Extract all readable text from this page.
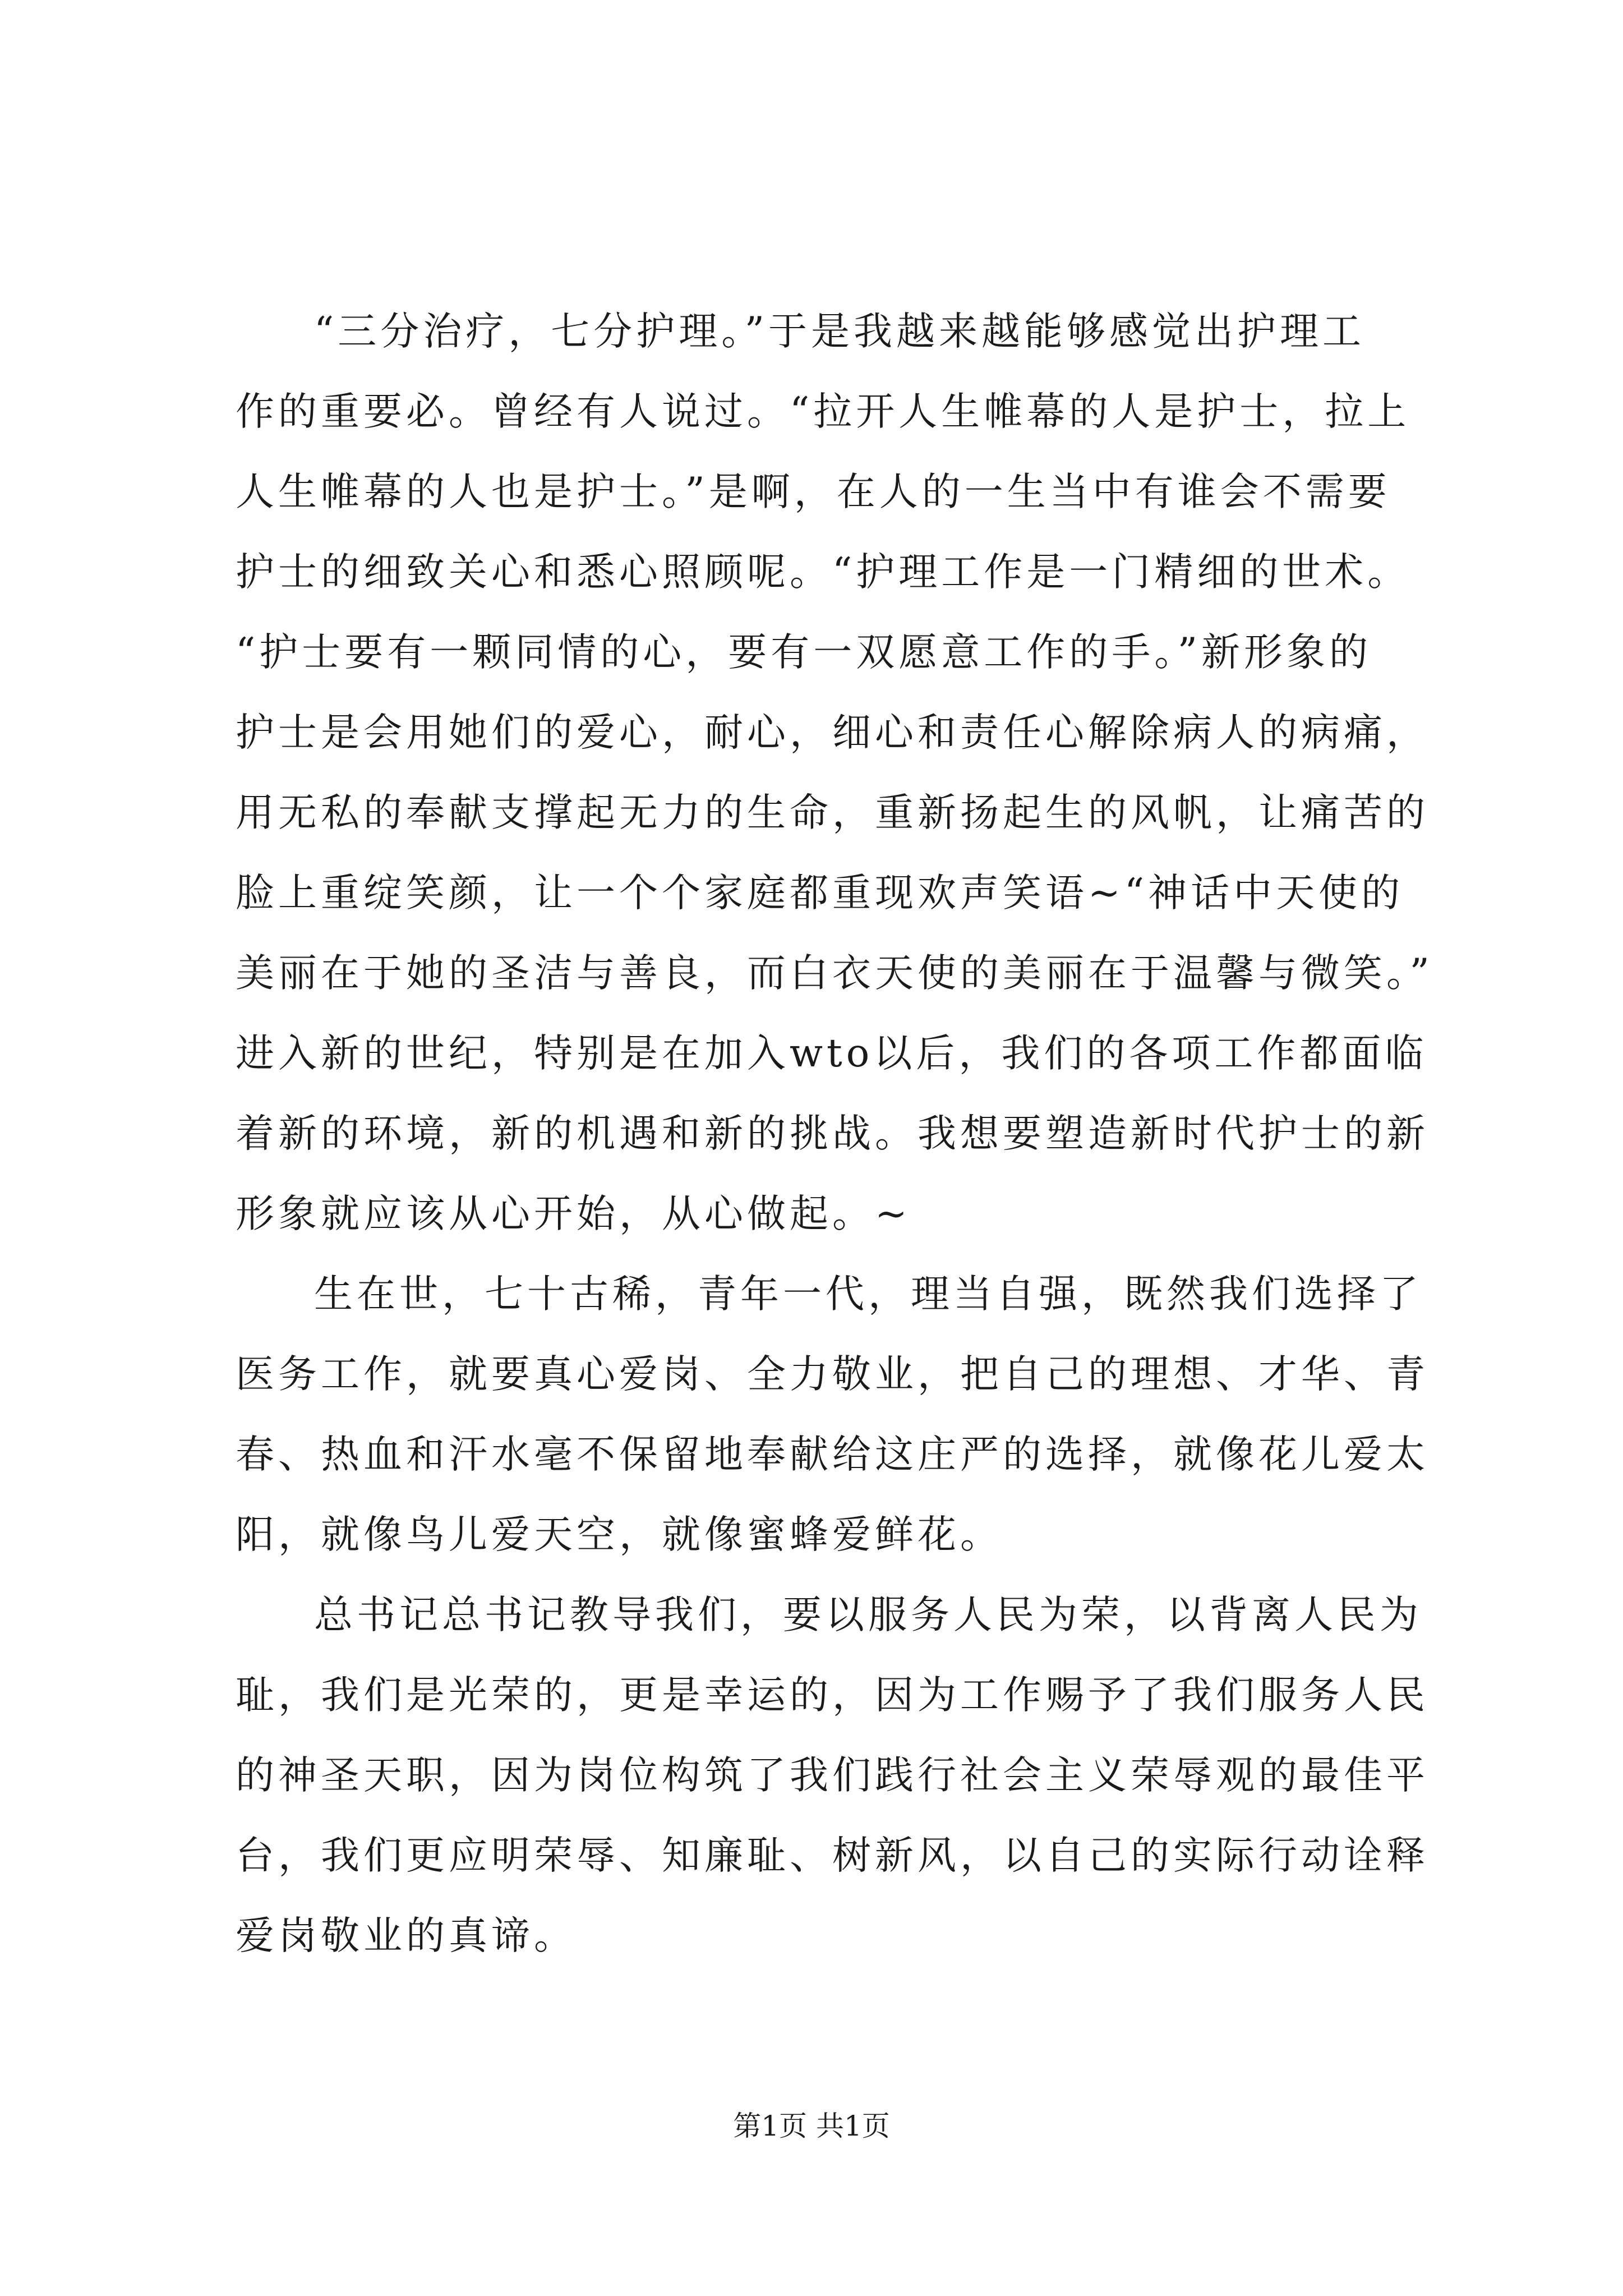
“三分治疗，七分护理。”于是我越来越能够感觉出护理工
作的重要必。曾经有人说过。“拉开人生帷幕的人是护士，拉上
人生帷幕的人也是护士。”是啊，在人的一生当中有谁会不需要
护士的细致关心和悉心照顾呢。“护理工作是一门精细的世术。
“护士要有一颗同情的心，要有一双愿意工作的手。”新形象的
护士是会用她们的爱心，耐心，细心和责任心解除病人的病痛，
用无私的奉献支撑起无力的生命，重新扬起生的风帆，让痛苦的
脸上重绽笑颜，让一个个家庭都重现欢声笑语~“神话中天使的
美丽在于她的圣洁与善良，而白衣天使的美丽在于温馨与微笑。”
进入新的世纪，特别是在加入wto以后，我们的各项工作都面临
着新的环境，新的机遇和新的挑战。我想要塑造新时代护士的新
形象就应该从心开始，从心做起。~
生在世，七十古稀，青年一代，理当自强，既然我们选择了
医务工作，就要真心爱岗、全力敬业，把自己的理想、才华、青
春、热血和汗水毫不保留地奉献给这庄严的选择，就像花儿爱太
阳，就像鸟儿爱天空，就像蜜蜂爱鲜花。
总书记总书记教导我们，要以服务人民为荣，以背离人民为
耻，我们是光荣的，更是幸运的，因为工作赐予了我们服务人民
的神圣天职，因为岗位构筑了我们践行社会主义荣辱观的最佳平
台，我们更应明荣辱、知廉耻、树新风，以自己的实际行动诠释
爱岗敬业的真谛。
第1页 共1页
